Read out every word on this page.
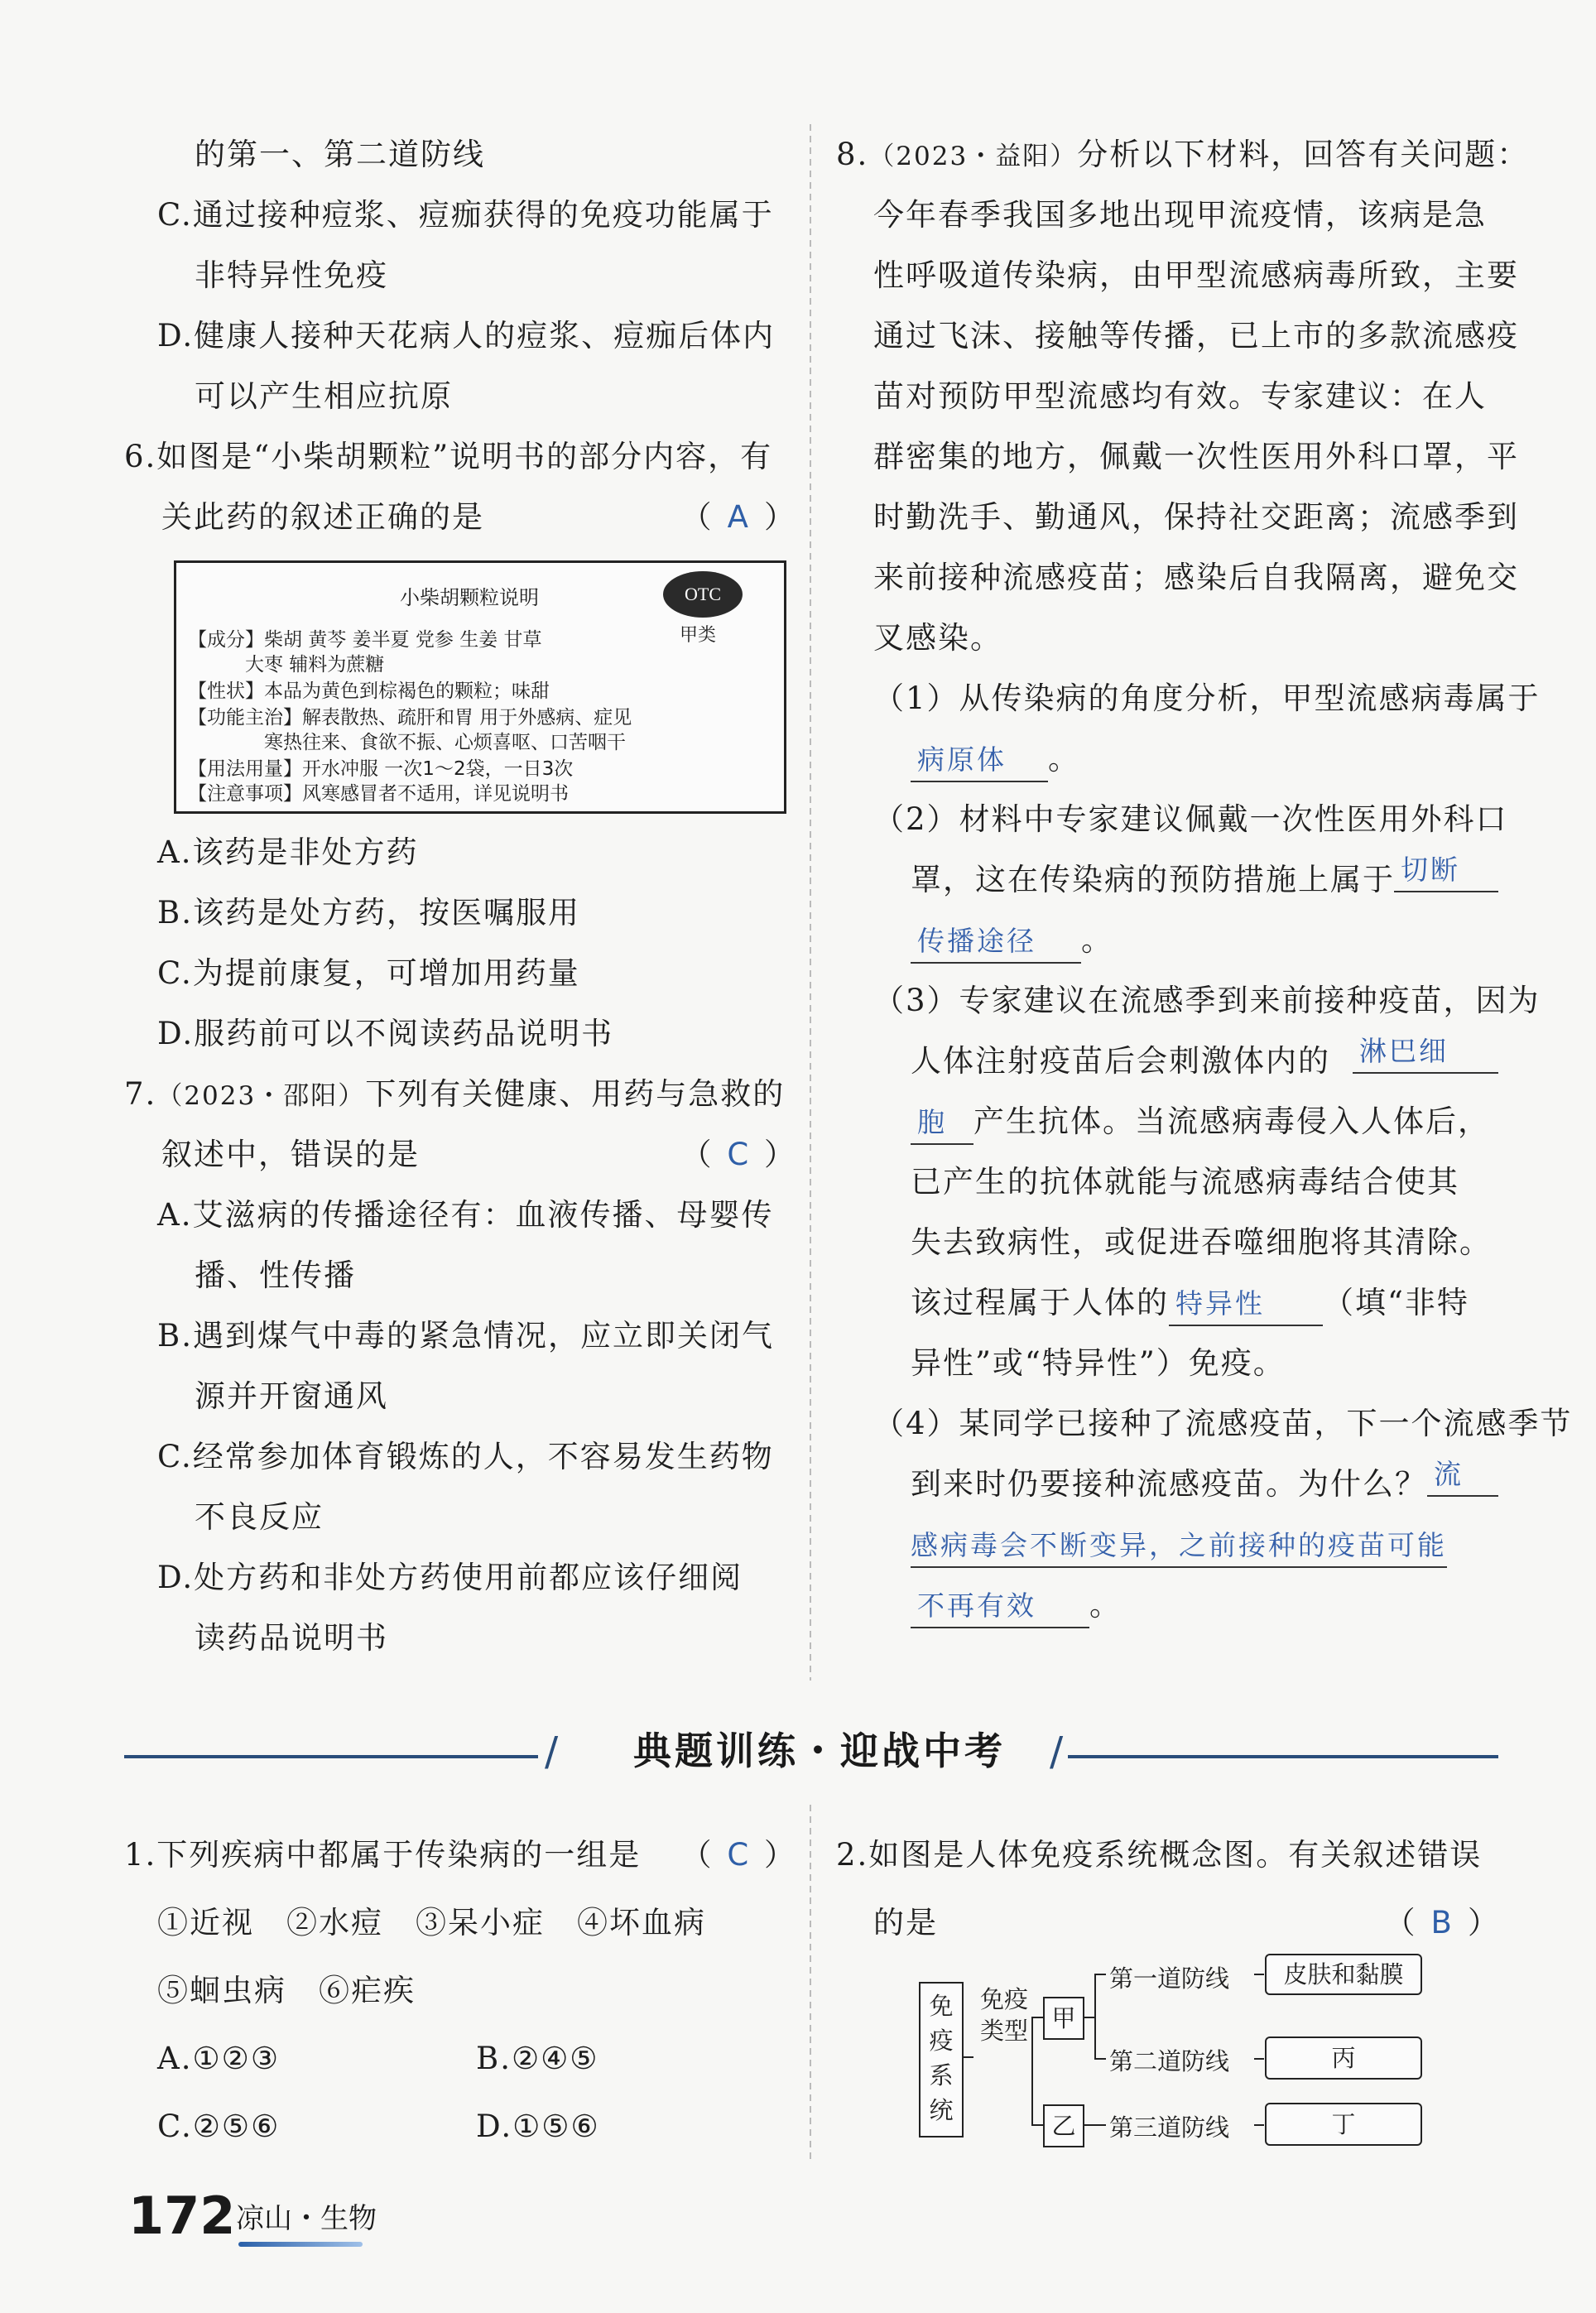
的第一、第二道防线
C.通过接种痘浆、痘痂获得的免疫功能属于
非特异性免疫
D.健康人接种天花病人的痘浆、痘痂后体内
可以产生相应抗原
6.如图是“小柴胡颗粒”说明书的部分内容，有
关此药的叙述正确的是	（ A ）
小柴胡颗粒说明	OTC
甲类
【成分】柴胡 黄芩 姜半夏 党参 生姜 甘草
　　　大枣 辅料为蔗糖
【性状】本品为黄色到棕褐色的颗粒；味甜
【功能主治】解表散热、疏肝和胃 用于外感病、症见
　　　　寒热往来、食欲不振、心烦喜呕、口苦咽干
【用法用量】开水冲服 一次1～2袋，一日3次
【注意事项】风寒感冒者不适用，详见说明书
A.该药是非处方药
B.该药是处方药，按医嘱服用
C.为提前康复，可增加用药量
D.服药前可以不阅读药品说明书
7.（2023・邵阳）下列有关健康、用药与急救的
叙述中，错误的是	（ C ）
A.艾滋病的传播途径有：血液传播、母婴传
播、性传播
B.遇到煤气中毒的紧急情况，应立即关闭气
源并开窗通风
C.经常参加体育锻炼的人，不容易发生药物
不良反应
D.处方药和非处方药使用前都应该仔细阅
读药品说明书
8.（2023・益阳）分析以下材料，回答有关问题：
今年春季我国多地出现甲流疫情，该病是急
性呼吸道传染病，由甲型流感病毒所致，主要
通过飞沫、接触等传播，已上市的多款流感疫
苗对预防甲型流感均有效。专家建议：在人
群密集的地方，佩戴一次性医用外科口罩，平
时勤洗手、勤通风，保持社交距离；流感季到
来前接种流感疫苗；感染后自我隔离，避免交
叉感染。
（1）从传染病的角度分析，甲型流感病毒属于
病原体 。
（2）材料中专家建议佩戴一次性医用外科口
罩，这在传染病的预防措施上属于 切断
传播途径 。
（3）专家建议在流感季到来前接种疫苗，因为
人体注射疫苗后会刺激体内的 淋巴细
胞 产生抗体。当流感病毒侵入人体后，
已产生的抗体就能与流感病毒结合使其
失去致病性，或促进吞噬细胞将其清除。
该过程属于人体的 特异性 （填“非特
异性”或“特异性”）免疫。
（4）某同学已接种了流感疫苗，下一个流感季节
到来时仍要接种流感疫苗。为什么？ 流
感病毒会不断变异，之前接种的疫苗可能
不再有效 。
∕	典题训练・迎战中考	∕
1.下列疾病中都属于传染病的一组是 （ C ）
①近视　②水痘　③呆小症　④坏血病
⑤蛔虫病　⑥疟疾
A.①②③	B.②④⑤
C.②⑤⑥	D.①⑤⑥
2.如图是人体免疫系统概念图。有关叙述错误
的是	（ B ）
免疫系统
免疫类型 甲
乙
第一道防线
第二道防线
第三道防线
皮肤和黏膜
丙
丁
172 凉山・生物
